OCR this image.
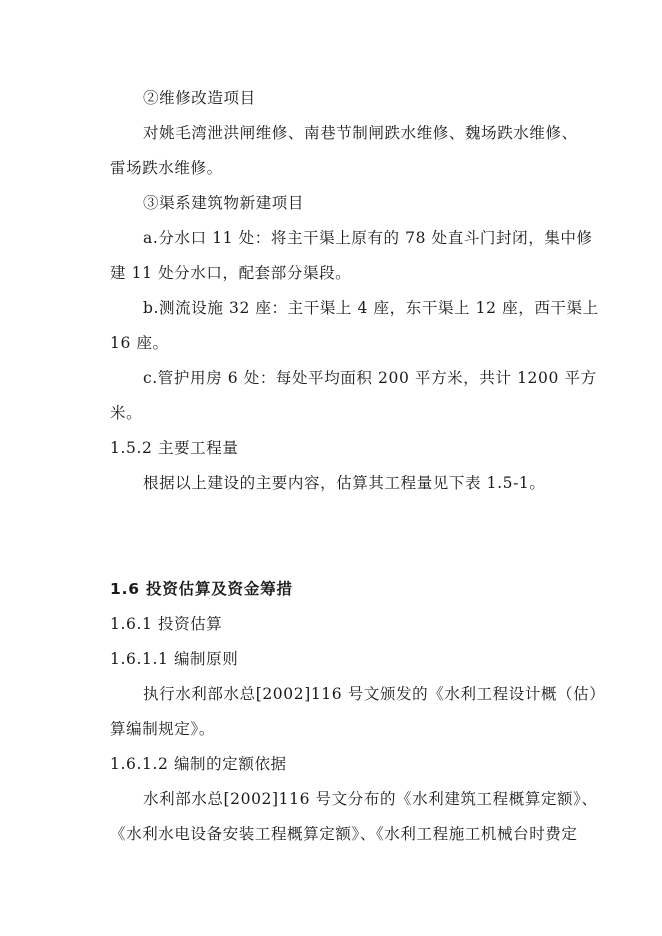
②维修改造项目
对姚毛湾泄洪闸维修、南巷节制闸跌水维修、魏场跌水维修、
雷场跌水维修。
③渠系建筑物新建项目
a.分水口 11 处：将主干渠上原有的 78 处直斗门封闭，集中修
建 11 处分水口，配套部分渠段。
b.测流设施 32 座：主干渠上 4 座，东干渠上 12 座，西干渠上
16 座。
c.管护用房 6 处：每处平均面积 200 平方米，共计 1200 平方
米。
1.5.2 主要工程量
根据以上建设的主要内容，估算其工程量见下表 1.5-1。
1.6 投资估算及资金筹措
1.6.1 投资估算
1.6.1.1 编制原则
执行水利部水总[2002]116 号文颁发的《水利工程设计概（估）
算编制规定》。
1.6.1.2 编制的定额依据
水利部水总[2002]116 号文分布的《水利建筑工程概算定额》、
《水利水电设备安装工程概算定额》、《水利工程施工机械台时费定
